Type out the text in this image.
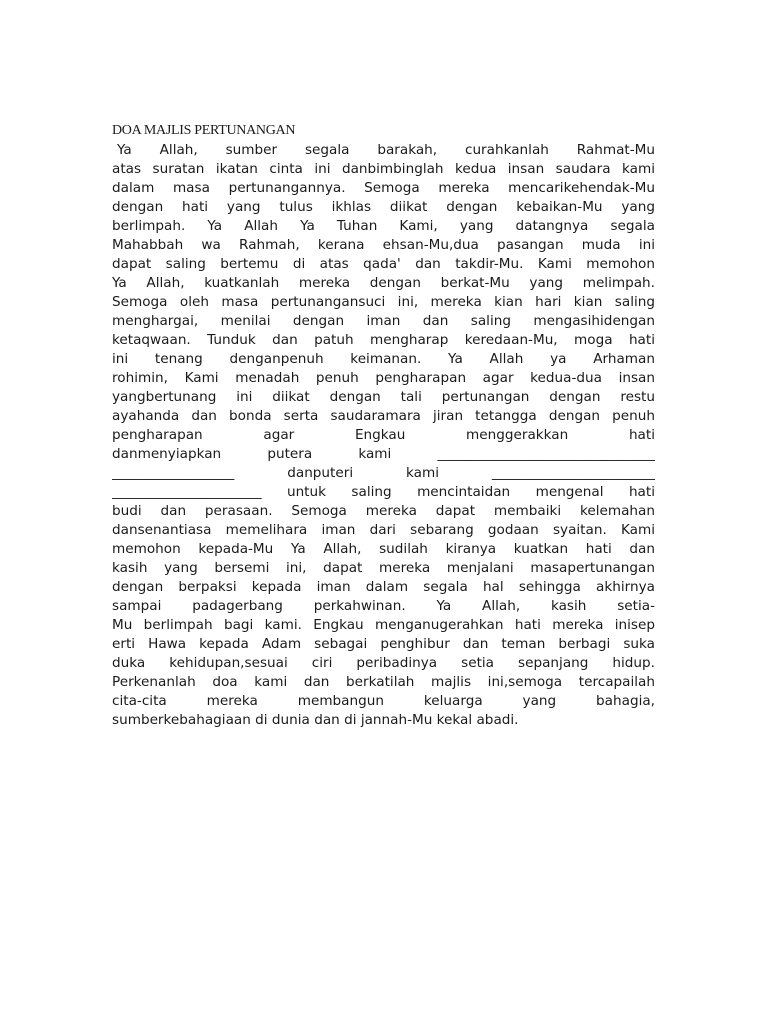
DOA MAJLIS PERTUNANGAN
Ya Allah, sumber segala barakah, curahkanlah Rahmat-Mu
atas suratan ikatan cinta ini danbimbinglah kedua insan saudara kami
dalam masa pertunangannya. Semoga mereka mencarikehendak-Mu
dengan hati yang tulus ikhlas diikat dengan kebaikan-Mu yang
berlimpah. Ya Allah Ya Tuhan Kami, yang datangnya segala
Mahabbah wa Rahmah, kerana ehsan-Mu,dua pasangan muda ini
dapat saling bertemu di atas qada' dan takdir-Mu. Kami memohon
Ya Allah, kuatkanlah mereka dengan berkat-Mu yang melimpah.
Semoga oleh masa pertunangansuci ini, mereka kian hari kian saling
menghargai, menilai dengan iman dan saling mengasihidengan
ketaqwaan. Tunduk dan patuh mengharap keredaan-Mu, moga hati
ini tenang denganpenuh keimanan. Ya Allah ya Arhaman
rohimin, Kami menadah penuh pengharapan agar kedua-dua insan
yangbertunang ini diikat dengan tali pertunangan dengan restu
ayahanda dan bonda serta saudaramara jiran tetangga dengan penuh
pengharapan agar Engkau menggerakkan hati
danmenyiapkan putera kami ________________________________
__________________ danputeri kami ________________________
______________________ untuk saling mencintaidan mengenal hati
budi dan perasaan. Semoga mereka dapat membaiki kelemahan
dansenantiasa memelihara iman dari sebarang godaan syaitan. Kami
memohon kepada-Mu Ya Allah, sudilah kiranya kuatkan hati dan
kasih yang bersemi ini, dapat mereka menjalani masapertunangan
dengan berpaksi kepada iman dalam segala hal sehingga akhirnya
sampai padagerbang perkahwinan. Ya Allah, kasih setia-
Mu berlimpah bagi kami. Engkau menganugerahkan hati mereka inisep
erti Hawa kepada Adam sebagai penghibur dan teman berbagi suka
duka kehidupan,sesuai ciri peribadinya setia sepanjang hidup.
Perkenanlah doa kami dan berkatilah majlis ini,semoga tercapailah
cita-cita mereka membangun keluarga yang bahagia,
sumberkebahagiaan di dunia dan di jannah-Mu kekal abadi.
